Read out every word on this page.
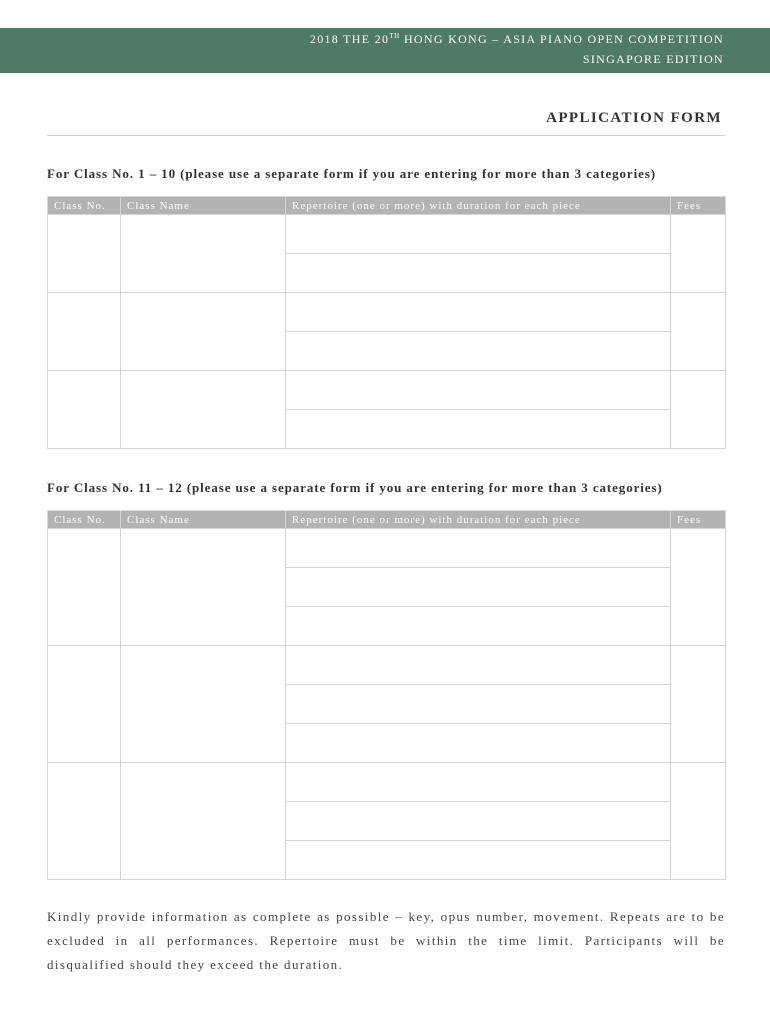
2018 THE 20TH HONG KONG – ASIA PIANO OPEN COMPETITION
SINGAPORE EDITION
APPLICATION FORM
For Class No. 1 – 10 (please use a separate form if you are entering for more than 3 categories)
Class No.	Class Name	Repertoire (one or more) with duration for each piece	Fees

For Class No. 11 – 12 (please use a separate form if you are entering for more than 3 categories)
Class No.	Class Name	Repertoire (one or more) with duration for each piece	Fees

Kindly provide information as complete as possible – key, opus number, movement. Repeats are to be excluded in all performances. Repertoire must be within the time limit. Participants will be disqualified should they exceed the duration.
